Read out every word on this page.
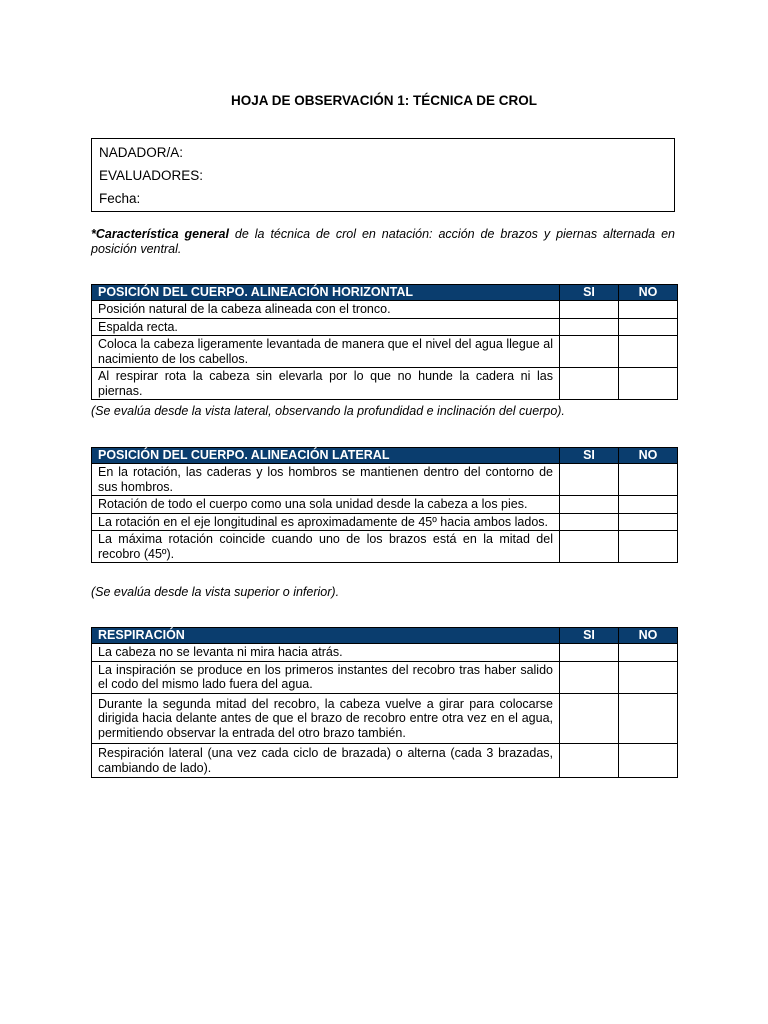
HOJA DE OBSERVACIÓN 1: TÉCNICA DE CROL
NADADOR/A:
EVALUADORES:
Fecha:
*Característica general de la técnica de crol en natación: acción de brazos y piernas alternada en posición ventral.
POSICIÓN DEL CUERPO. ALINEACIÓN HORIZONTAL	SI	NO
Posición natural de la cabeza alineada con el tronco.		
Espalda recta.		
Coloca la cabeza ligeramente levantada de manera que el nivel del agua llegue al nacimiento de los cabellos.		
Al respirar rota la cabeza sin elevarla por lo que no hunde la cadera ni las piernas.		
(Se evalúa desde la vista lateral, observando la profundidad e inclinación del cuerpo).
POSICIÓN DEL CUERPO. ALINEACIÓN LATERAL	SI	NO
En la rotación, las caderas y los hombros se mantienen dentro del contorno de sus hombros.		
Rotación de todo el cuerpo como una sola unidad desde la cabeza a los pies.		
La rotación en el eje longitudinal es aproximadamente de 45º hacia ambos lados.		
La máxima rotación coincide cuando uno de los brazos está en la mitad del recobro (45º).		
(Se evalúa desde la vista superior o inferior).
RESPIRACIÓN	SI	NO
La cabeza no se levanta ni mira hacia atrás.		
La inspiración se produce en los primeros instantes del recobro tras haber salido el codo del mismo lado fuera del agua.		
Durante la segunda mitad del recobro, la cabeza vuelve a girar para colocarse dirigida hacia delante antes de que el brazo de recobro entre otra vez en el agua, permitiendo observar la entrada del otro brazo también.		
Respiración lateral (una vez cada ciclo de brazada) o alterna (cada 3 brazadas, cambiando de lado).		
